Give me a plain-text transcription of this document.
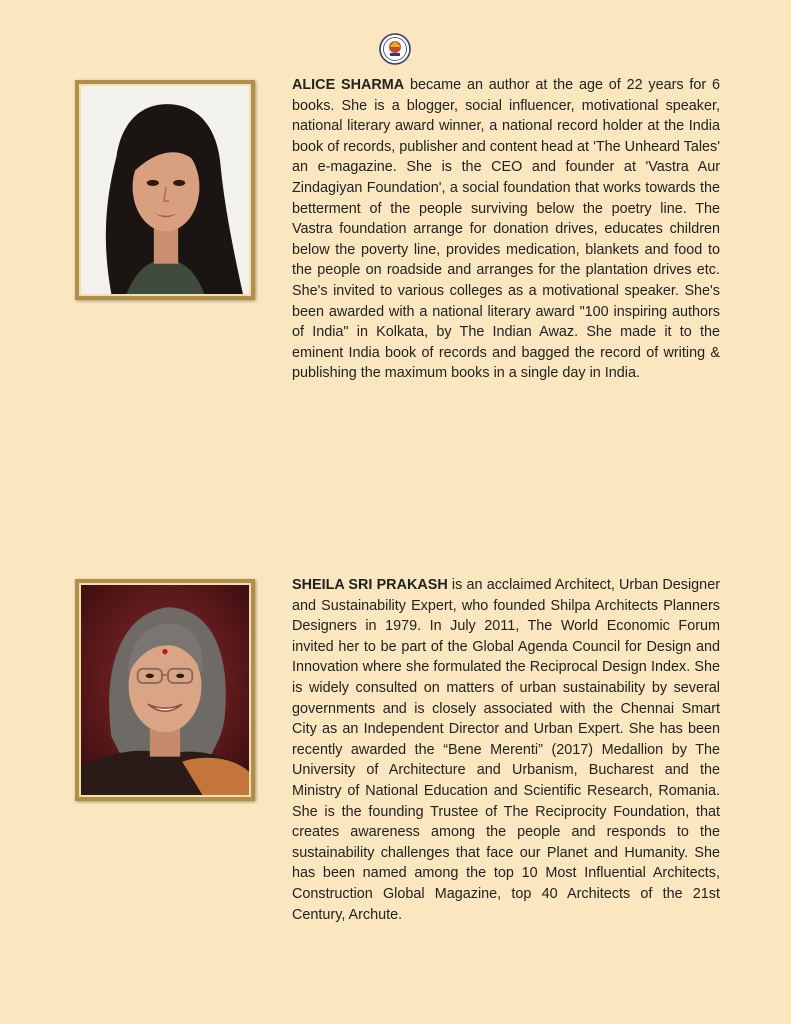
ALICE SHARMA became an author at the age of 22 years for 6 books. She is a blogger, social influencer, motivational speaker, national literary award winner, a national record holder at the India book of records, publisher and content head at 'The Unheard Tales' an e-magazine. She is the CEO and founder at 'Vastra Aur Zindagiyan Foundation', a social foundation that works towards the betterment of the people surviving below the poetry line. The Vastra foundation arrange for donation drives, educates children below the poverty line, provides medication, blankets and food to the people on roadside and arranges for the plantation drives etc. She's invited to various colleges as a motivational speaker. She's been awarded with a national literary award "100 inspiring authors of India" in Kolkata, by The Indian Awaz. She made it to the eminent India book of records and bagged the record of writing & publishing the maximum books in a single day in India.

SHEILA SRI PRAKASH is an acclaimed Architect, Urban Designer and Sustainability Expert, who founded Shilpa Architects Planners Designers in 1979. In July 2011, The World Economic Forum invited her to be part of the Global Agenda Council for Design and Innovation where she formulated the Reciprocal Design Index. She is widely consulted on matters of urban sustainability by several governments and is closely associated with the Chennai Smart City as an Independent Director and Urban Expert. She has been recently awarded the “Bene Merenti” (2017) Medallion by The University of Architecture and Urbanism, Bucharest and the Ministry of National Education and Scientific Research, Romania. She is the founding Trustee of The Reciprocity Foundation, that creates awareness among the people and responds to the sustainability challenges that face our Planet and Humanity. She has been named among the top 10 Most Influential Architects, Construction Global Magazine, top 40 Architects of the 21st Century, Archute.
